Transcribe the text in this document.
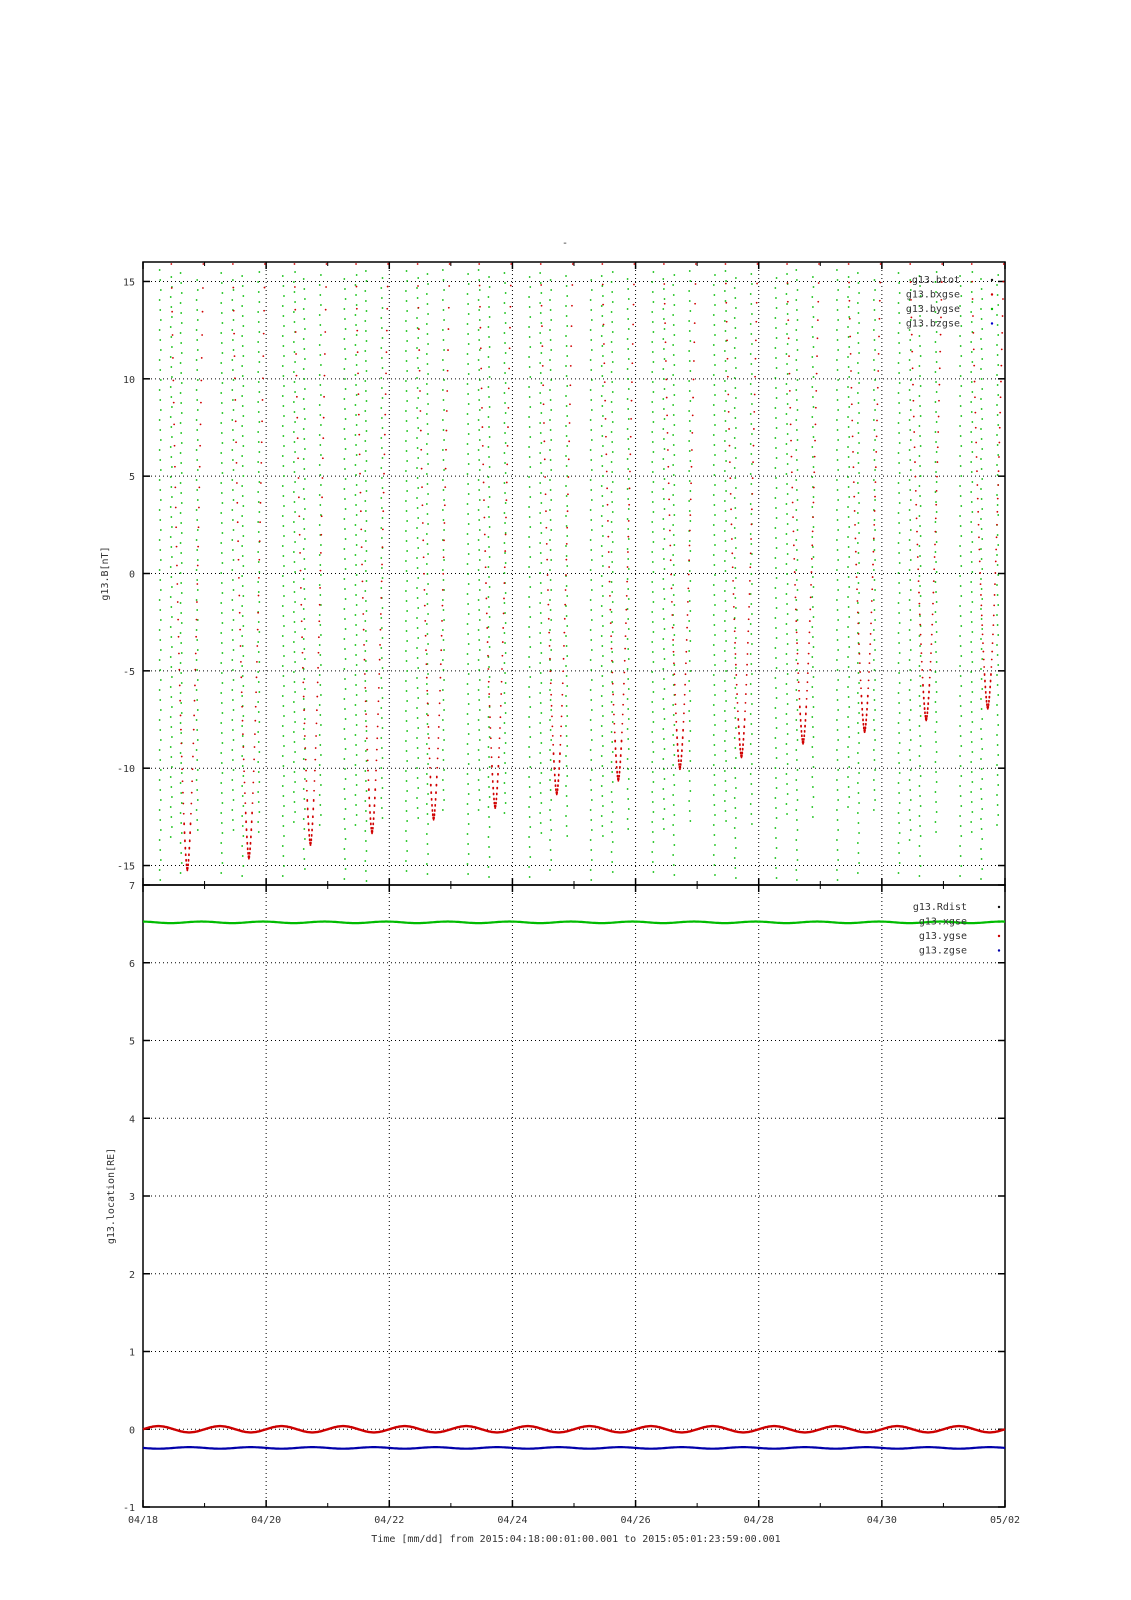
-
15
10
5
0
-5
-10
-15
g13.B[nT]
g13.btot
g13.bxgse
g13.bygse
g13.bzgse
7
6
5
4
3
2
1
0
-1
04/18	04/20	04/22	04/24	04/26	04/28	04/30	05/02
g13.location[RE]
g13.Rdist
g13.xgse
g13.ygse
g13.zgse
Time [mm/dd] from 2015:04:18:00:01:00.001 to 2015:05:01:23:59:00.001
